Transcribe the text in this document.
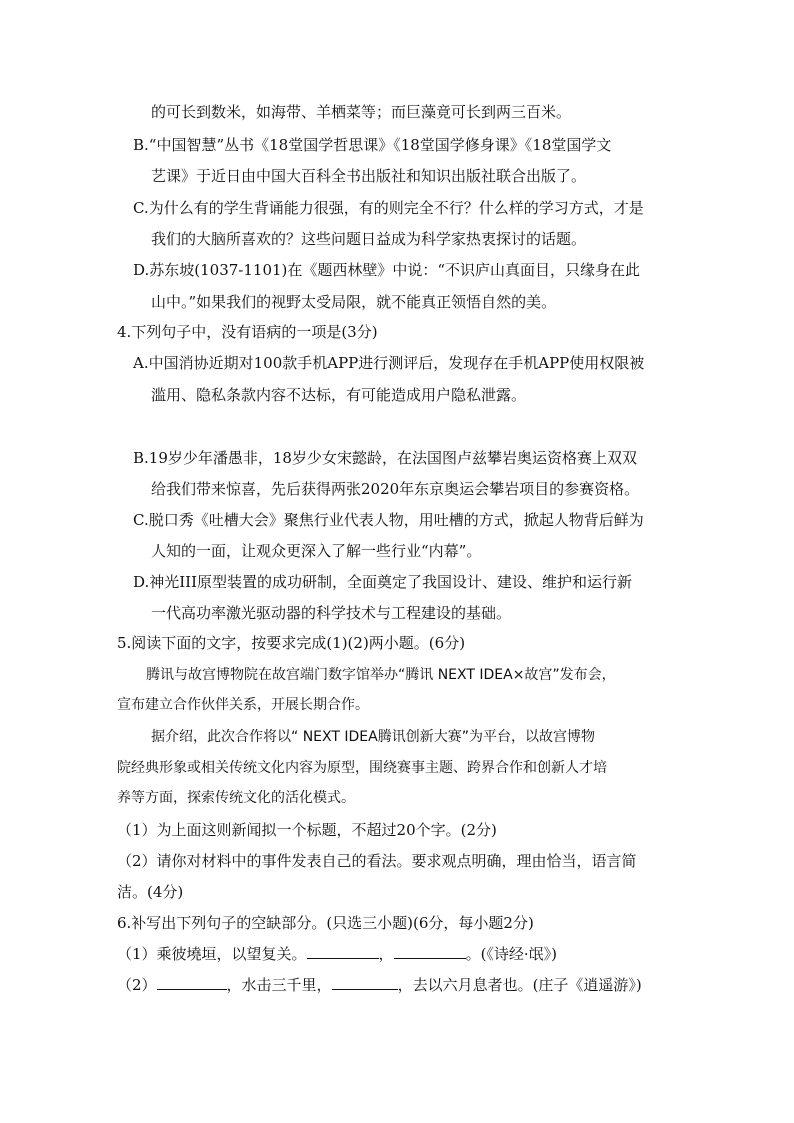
的可长到数米，如海带、羊栖菜等；而巨藻竟可长到两三百米。
B.“中国智慧”丛书《18堂国学哲思课》《18堂国学修身课》《18堂国学文
艺课》于近日由中国大百科全书出版社和知识出版社联合出版了。
C.为什么有的学生背诵能力很强，有的则完全不行？什么样的学习方式，才是
我们的大脑所喜欢的？这些问题日益成为科学家热衷探讨的话题。
D.苏东坡(1037-1101)在《题西林壁》中说：“不识庐山真面目，只缘身在此
山中。”如果我们的视野太受局限，就不能真正领悟自然的美。
4.下列句子中，没有语病的一项是(3分)
A.中国消协近期对100款手机APP进行测评后，发现存在手机APP使用权限被
滥用、隐私条款内容不达标，有可能造成用户隐私泄露。
B.19岁少年潘愚非，18岁少女宋懿龄，在法国图卢兹攀岩奥运资格赛上双双
给我们带来惊喜，先后获得两张2020年东京奥运会攀岩项目的参赛资格。
C.脱口秀《吐槽大会》聚焦行业代表人物，用吐槽的方式，掀起人物背后鲜为
人知的一面，让观众更深入了解一些行业“内幕”。
D.神光III原型装置的成功研制，全面奠定了我国设计、建设、维护和运行新
一代高功率激光驱动器的科学技术与工程建设的基础。
5.阅读下面的文字，按要求完成(1)(2)两小题。(6分)
腾讯与故宫博物院在故宫端门数字馆举办“腾讯 NEXT IDEA×故宫”发布会，
宣布建立合作伙伴关系，开展长期合作。
据介绍，此次合作将以“ NEXT IDEA腾讯创新大赛”为平台，以故宫博物
院经典形象或相关传统文化内容为原型，围绕赛事主题、跨界合作和创新人才培
养等方面，探索传统文化的活化模式。
（1）为上面这则新闻拟一个标题，不超过20个字。(2分)
（2）请你对材料中的事件发表自己的看法。要求观点明确，理由恰当，语言简
洁。(4分)
6.补写出下列句子的空缺部分。(只选三小题)(6分，每小题2分)
（1）乘彼墝垣，以望复关。	，	。(《诗经·氓》)
（2）	，水击三千里，	，去以六月息者也。(庄子《逍遥游》)
